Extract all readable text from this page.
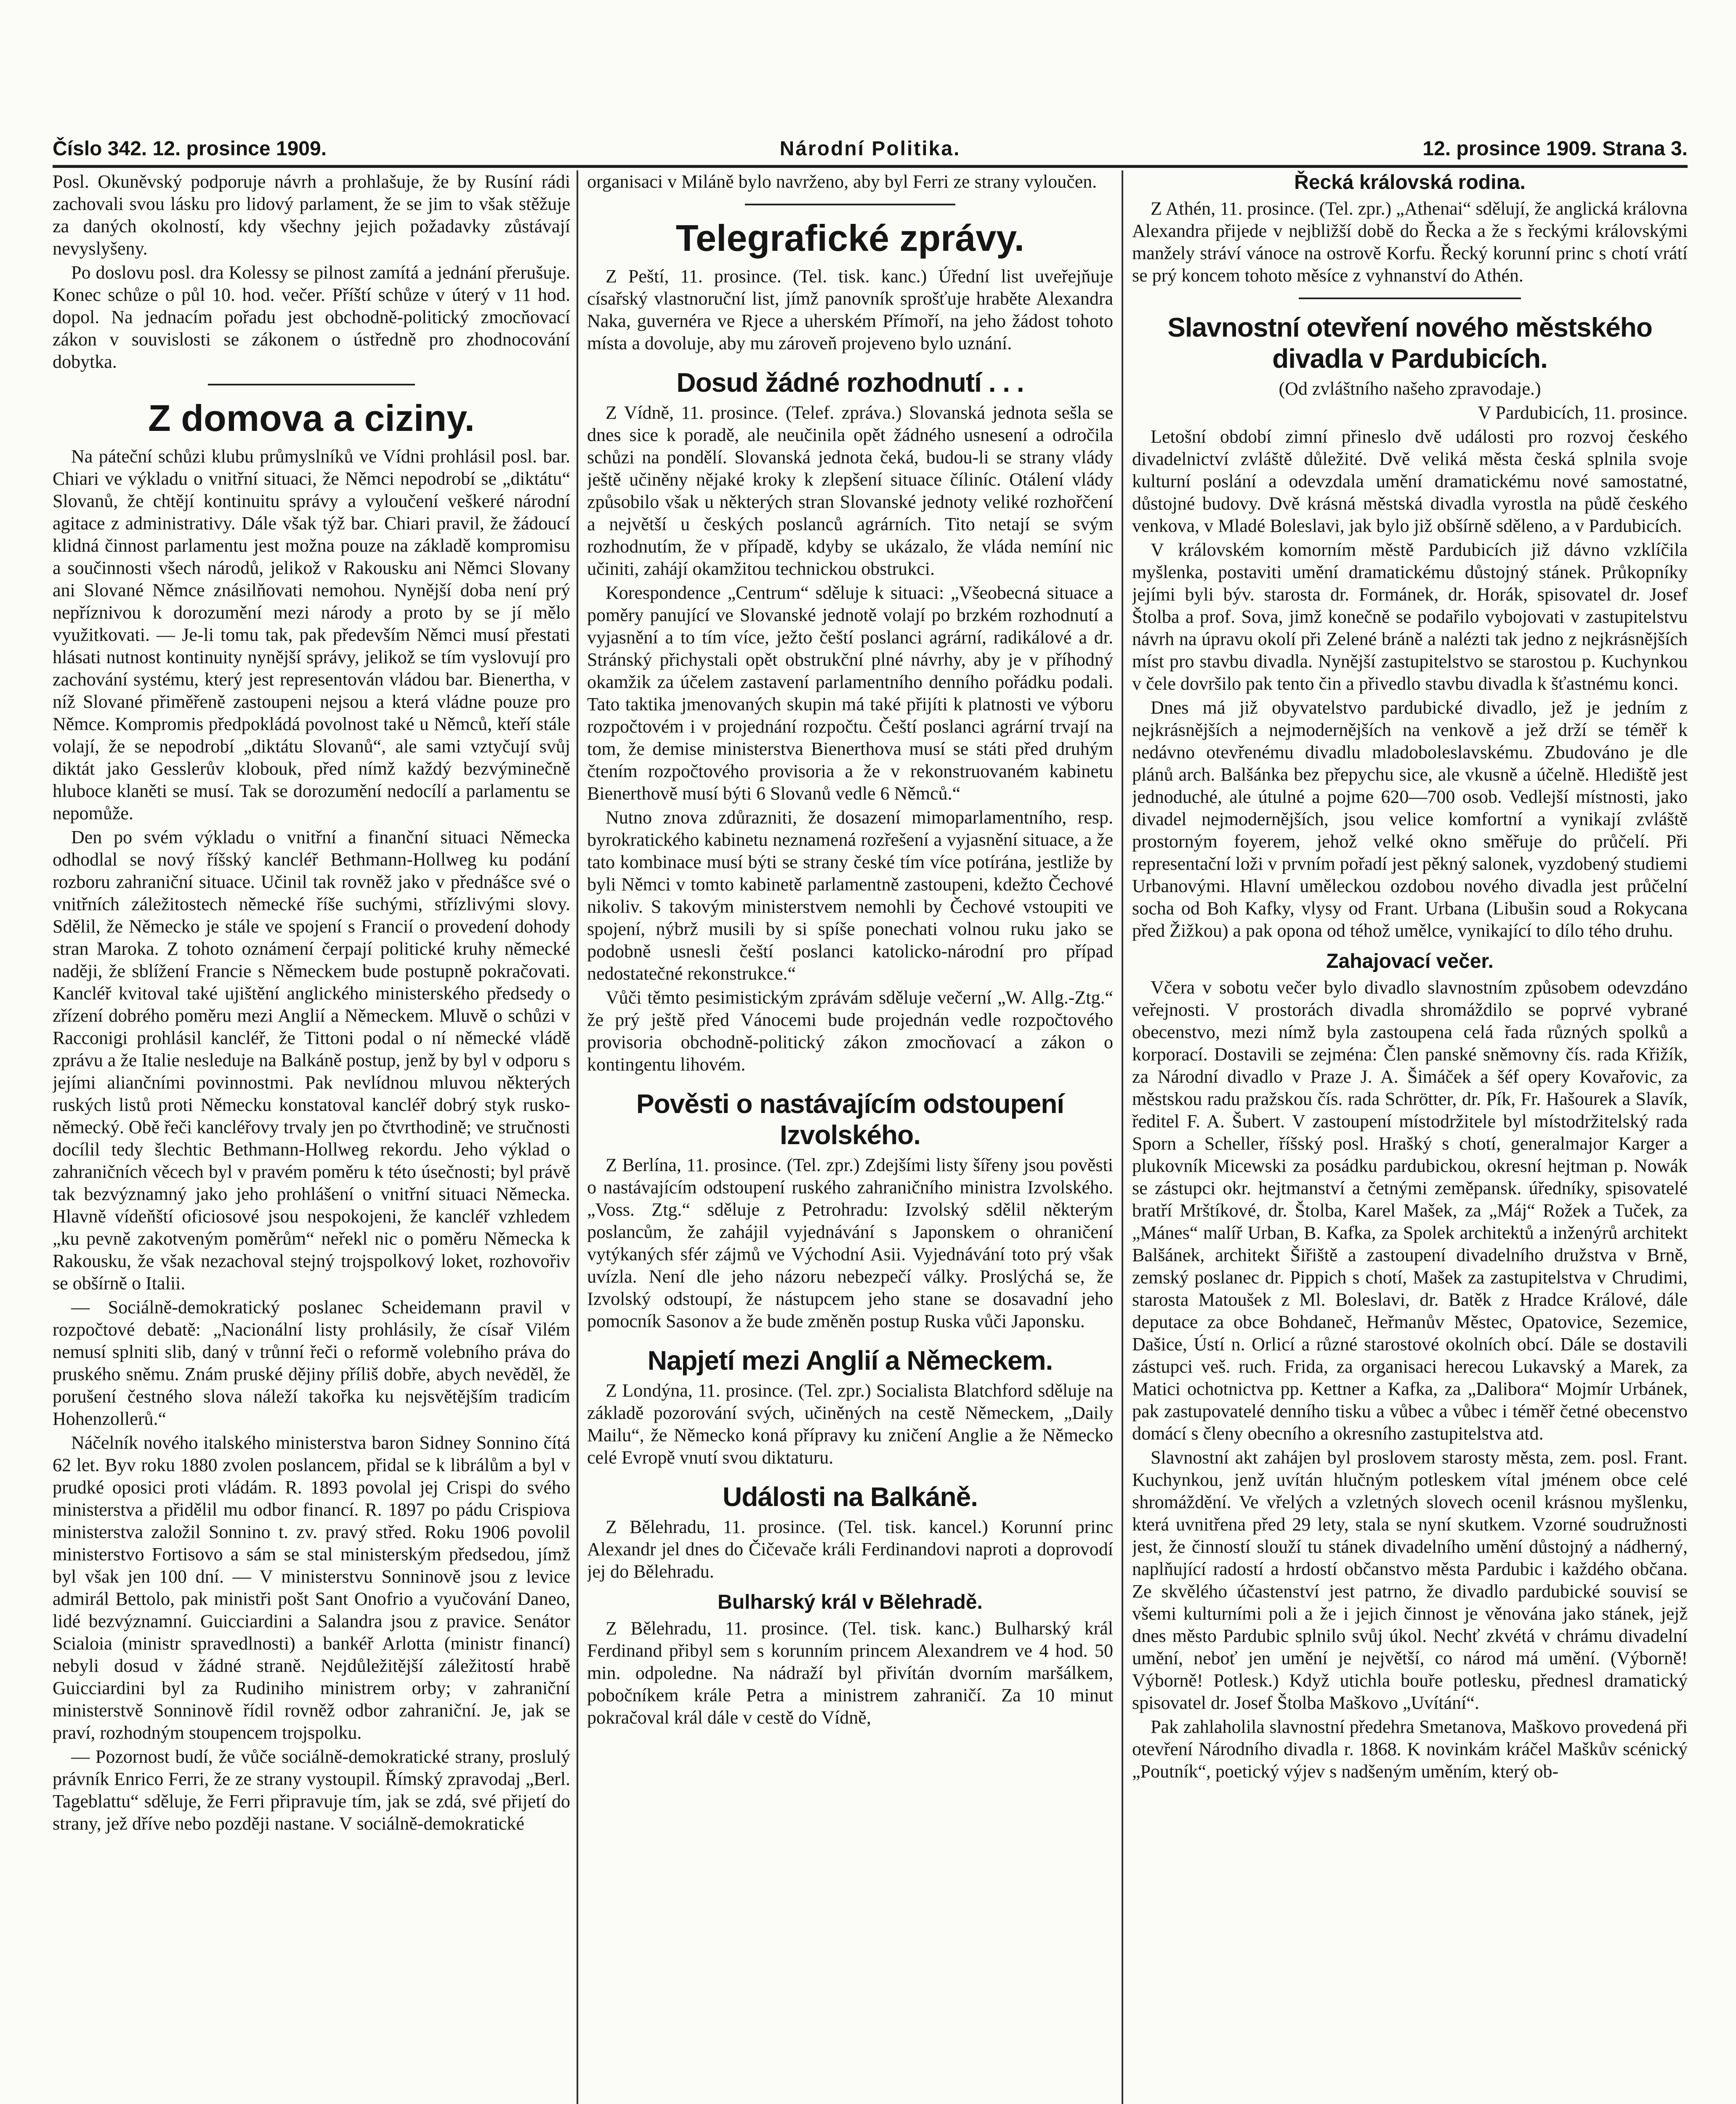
Číslo 342. 12. prosince 1909.	Národní Politika.	12. prosince 1909. Strana 3.

Posl. Okuněvský podporuje návrh a prohlašuje, že by Rusíní rádi zachovali svou lásku pro lidový parlament, že se jim to však stěžuje za daných okolností, kdy všechny jejich požadavky zůstávají nevyslyšeny.

Po doslovu posl. dra Kolessy se pilnost zamítá a jednání přerušuje. Konec schůze o půl 10. hod. večer. Příští schůze v úterý v 11 hod. dopol. Na jednacím pořadu jest obchodně-politický zmocňovací zákon v souvislosti se zákonem o ústředně pro zhodnocování dobytka.

Z domova a ciziny.

Na páteční schůzi klubu průmyslníků ve Vídni prohlásil posl. bar. Chiari ve výkladu o vnitřní situaci, že Němci nepodrobí se „diktátu“ Slovanů, že chtějí kontinuitu správy a vyloučení veškeré národní agitace z administrativy. Dále však týž bar. Chiari pravil, že žádoucí klidná činnost parlamentu jest možna pouze na základě kompromisu a součinnosti všech národů, jelikož v Rakousku ani Němci Slovany ani Slované Němce znásilňovati nemohou. Nynější doba není prý nepříznivou k dorozumění mezi národy a proto by se jí mělo využitkovati. — Je-li tomu tak, pak především Němci musí přestati hlásati nutnost kontinuity nynější správy, jelikož se tím vyslovují pro zachování systému, který jest representován vládou bar. Bienertha, v níž Slované přiměřeně zastoupeni nejsou a která vládne pouze pro Němce. Kompromis předpokládá povolnost také u Němců, kteří stále volají, že se nepodrobí „diktátu Slovanů“, ale sami vztyčují svůj diktát jako Gesslerův klobouk, před nímž každý bezvýminečně hluboce klaněti se musí. Tak se dorozumění nedocílí a parlamentu se nepomůže.

Den po svém výkladu o vnitřní a finanční situaci Německa odhodlal se nový říšský kancléř Bethmann-Hollweg ku podání rozboru zahraniční situace. Učinil tak rovněž jako v přednášce své o vnitřních záležitostech německé říše suchými, střízlivými slovy. Sdělil, že Německo je stále ve spojení s Francií o provedení dohody stran Maroka. Z tohoto oznámení čerpají politické kruhy německé naději, že sblížení Francie s Německem bude postupně pokračovati. Kancléř kvitoval také ujištění anglického ministerského předsedy o zřízení dobrého poměru mezi Anglií a Německem. Mluvě o schůzi v Racconigi prohlásil kancléř, že Tittoni podal o ní německé vládě zprávu a že Italie nesleduje na Balkáně postup, jenž by byl v odporu s jejími aliančními povinnostmi. Pak nevlídnou mluvou některých ruských listů proti Německu konstatoval kancléř dobrý styk rusko-německý. Obě řeči kancléřovy trvaly jen po čtvrthodině; ve stručnosti docílil tedy šlechtic Bethmann-Hollweg rekordu. Jeho výklad o zahraničních věcech byl v pravém poměru k této úsečnosti; byl právě tak bezvýznamný jako jeho prohlášení o vnitřní situaci Německa. Hlavně vídeňští oficiosové jsou nespokojeni, že kancléř vzhledem „ku pevně zakotveným poměrům“ neřekl nic o poměru Německa k Rakousku, že však nezachoval stejný trojspolkový loket, rozhovořiv se obšírně o Italii.

— Sociálně-demokratický poslanec Scheidemann pravil v rozpočtové debatě: „Nacionální listy prohlásily, že císař Vilém nemusí splniti slib, daný v trůnní řeči o reformě volebního práva do pruského sněmu. Znám pruské dějiny příliš dobře, abych nevěděl, že porušení čestného slova náleží takořka ku nejsvětějším tradicím Hohenzollerů.“

Náčelník nového italského ministerstva baron Sidney Sonnino čítá 62 let. Byv roku 1880 zvolen poslancem, přidal se k librálům a byl v prudké oposici proti vládám. R. 1893 povolal jej Crispi do svého ministerstva a přidělil mu odbor financí. R. 1897 po pádu Crispiova ministerstva založil Sonnino t. zv. pravý střed. Roku 1906 povolil ministerstvo Fortisovo a sám se stal ministerským předsedou, jímž byl však jen 100 dní. — V ministerstvu Sonninově jsou z levice admirál Bettolo, pak ministři pošt Sant Onofrio a vyučování Daneo, lidé bezvýznamní. Guicciardini a Salandra jsou z pravice. Senátor Scialoia (ministr spravedlnosti) a bankéř Arlotta (ministr financí) nebyli dosud v žádné straně. Nejdůležitější záležitostí hrabě Guicciardini byl za Rudiniho ministrem orby; v zahraniční ministerstvě Sonninově řídil rovněž odbor zahraniční. Je, jak se praví, rozhodným stoupencem trojspolku.

— Pozornost budí, že vůče sociálně-demokratické strany, proslulý právník Enrico Ferri, že ze strany vystoupil. Římský zpravodaj „Berl. Tageblattu“ sděluje, že Ferri připravuje tím, jak se zdá, své přijetí do strany, jež dříve nebo později nastane. V sociálně-demokratické

organisaci v Miláně bylo navrženo, aby byl Ferri ze strany vyloučen.

Telegrafické zprávy.

Z Peští, 11. prosince. (Tel. tisk. kanc.) Úřední list uveřejňuje císařský vlastnoruční list, jímž panovník sprošťuje hraběte Alexandra Naka, guvernéra ve Rjece a uherském Přímoří, na jeho žádost tohoto místa a dovoluje, aby mu zároveň projeveno bylo uznání.

Dosud žádné rozhodnutí . . .

Z Vídně, 11. prosince. (Telef. zpráva.) Slovanská jednota sešla se dnes sice k poradě, ale neučinila opět žádného usnesení a odročila schůzi na pondělí. Slovanská jednota čeká, budou-li se strany vlády ještě učiněny nějaké kroky k zlepšení situace číliníc. Otálení vlády způsobilo však u některých stran Slovanské jednoty veliké rozhořčení a největší u českých poslanců agrárních. Tito netají se svým rozhodnutím, že v případě, kdyby se ukázalo, že vláda nemíní nic učiniti, zahájí okamžitou technickou obstrukci.

Korespondence „Centrum“ sděluje k situaci: „Všeobecná situace a poměry panující ve Slovanské jednotě volají po brzkém rozhodnutí a vyjasnění a to tím více, ježto čeští poslanci agrární, radikálové a dr. Stránský přichystali opět obstrukční plné návrhy, aby je v příhodný okamžik za účelem zastavení parlamentního denního pořádku podali. Tato taktika jmenovaných skupin má také přijíti k platnosti ve výboru rozpočtovém i v projednání rozpočtu. Čeští poslanci agrární trvají na tom, že demise ministerstva Bienerthova musí se státi před druhým čtením rozpočtového provisoria a že v rekonstruovaném kabinetu Bienerthově musí býti 6 Slovanů vedle 6 Němců.“

Nutno znova zdůrazniti, že dosazení mimoparlamentního, resp. byrokratického kabinetu neznamená rozřešení a vyjasnění situace, a že tato kombinace musí býti se strany české tím více potírána, jestliže by byli Němci v tomto kabinetě parlamentně zastoupeni, kdežto Čechové nikoliv. S takovým ministerstvem nemohli by Čechové vstoupiti ve spojení, nýbrž musili by si spíše ponechati volnou ruku jako se podobně usnesli čeští poslanci katolicko-národní pro případ nedostatečné rekonstrukce.“

Vůči těmto pesimistickým zprávám sděluje večerní „W. Allg.-Ztg.“ že prý ještě před Vánocemi bude projednán vedle rozpočtového provisoria obchodně-politický zákon zmocňovací a zákon o kontingentu lihovém.

Pověsti o nastávajícím odstoupení Izvolského.

Z Berlína, 11. prosince. (Tel. zpr.) Zdejšími listy šířeny jsou pověsti o nastávajícím odstoupení ruského zahraničního ministra Izvolského. „Voss. Ztg.“ sděluje z Petrohradu: Izvolský sdělil některým poslancům, že zahájil vyjednávání s Japonskem o ohraničení vytýkaných sfér zájmů ve Východní Asii. Vyjednávání toto prý však uvízla. Není dle jeho názoru nebezpečí války. Proslýchá se, že Izvolský odstoupí, že nástupcem jeho stane se dosavadní jeho pomocník Sasonov a že bude změněn postup Ruska vůči Japonsku.

Napjetí mezi Anglií a Německem.

Z Londýna, 11. prosince. (Tel. zpr.) Socialista Blatchford sděluje na základě pozorování svých, učiněných na cestě Německem, „Daily Mailu“, že Německo koná přípravy ku zničení Anglie a že Německo celé Evropě vnutí svou diktaturu.

Události na Balkáně.

Z Bělehradu, 11. prosince. (Tel. tisk. kancel.) Korunní princ Alexandr jel dnes do Čičevače králi Ferdinandovi naproti a doprovodí jej do Bělehradu.

Bulharský král v Bělehradě.

Z Bělehradu, 11. prosince. (Tel. tisk. kanc.) Bulharský král Ferdinand přibyl sem s korunním princem Alexandrem ve 4 hod. 50 min. odpoledne. Na nádraží byl přivítán dvorním maršálkem, pobočníkem krále Petra a ministrem zahraničí. Za 10 minut pokračoval král dále v cestě do Vídně,

Řecká královská rodina.

Z Athén, 11. prosince. (Tel. zpr.) „Athenai“ sdělují, že anglická královna Alexandra přijede v nejbližší době do Řecka a že s řeckými královskými manžely stráví vánoce na ostrově Korfu. Řecký korunní princ s chotí vrátí se prý koncem tohoto měsíce z vyhnanství do Athén.

Slavnostní otevření nového městského divadla v Pardubicích.
(Od zvláštního našeho zpravodaje.)
V Pardubicích, 11. prosince.

Letošní období zimní přineslo dvě události pro rozvoj českého divadelnictví zvláště důležité. Dvě veliká města česká splnila svoje kulturní poslání a odevzdala umění dramatickému nové samostatné, důstojné budovy. Dvě krásná městská divadla vyrostla na půdě českého venkova, v Mladé Boleslavi, jak bylo již obšírně sděleno, a v Pardubicích.

V královském komorním městě Pardubicích již dávno vzklíčila myšlenka, postaviti umění dramatickému důstojný stánek. Průkopníky jejími byli býv. starosta dr. Formánek, dr. Horák, spisovatel dr. Josef Štolba a prof. Sova, jimž konečně se podařilo vybojovati v zastupitelstvu návrh na úpravu okolí při Zelené bráně a nalézti tak jedno z nejkrásnějších míst pro stavbu divadla. Nynější zastupitelstvo se starostou p. Kuchynkou v čele dovršilo pak tento čin a přivedlo stavbu divadla k šťastnému konci.

Dnes má již obyvatelstvo pardubické divadlo, jež je jedním z nejkrásnějších a nejmodernějších na venkově a jež drží se téměř k nedávno otevřenému divadlu mladoboleslavskému. Zbudováno je dle plánů arch. Balšánka bez přepychu sice, ale vkusně a účelně. Hlediště jest jednoduché, ale útulné a pojme 620—700 osob. Vedlejší místnosti, jako divadel nejmodernějších, jsou velice komfortní a vynikají zvláště prostorným foyerem, jehož velké okno směřuje do průčelí. Při representační loži v prvním pořadí jest pěkný salonek, vyzdobený studiemi Urbanovými. Hlavní uměleckou ozdobou nového divadla jest průčelní socha od Boh Kafky, vlysy od Frant. Urbana (Libušin soud a Rokycana před Žižkou) a pak opona od téhož umělce, vynikající to dílo tého druhu.

Zahajovací večer.

Včera v sobotu večer bylo divadlo slavnostním způsobem odevzdáno veřejnosti. V prostorách divadla shromáždilo se poprvé vybrané obecenstvo, mezi nímž byla zastoupena celá řada různých spolků a korporací. Dostavili se zejména: Člen panské sněmovny čís. rada Křižík, za Národní divadlo v Praze J. A. Šimáček a šéf opery Kovařovic, za městskou radu pražskou čís. rada Schrötter, dr. Pík, Fr. Hašourek a Slavík, ředitel F. A. Šubert. V zastoupení místodržitele byl místodržitelský rada Sporn a Scheller, říšský posl. Hrašký s chotí, generalmajor Karger a plukovník Micewski za posádku pardubickou, okresní hejtman p. Nowák se zástupci okr. hejtmanství a četnými zeměpansk. úředníky, spisovatelé bratří Mrštíkové, dr. Štolba, Karel Mašek, za „Máj“ Rožek a Tuček, za „Mánes“ malíř Urban, B. Kafka, za Spolek architektů a inženýrů architekt Balšánek, architekt Šiřiště a zastoupení divadelního družstva v Brně, zemský poslanec dr. Pippich s chotí, Mašek za zastupitelstva v Chrudimi, starosta Matoušek z Ml. Boleslavi, dr. Batěk z Hradce Králové, dále deputace za obce Bohdaneč, Heřmanův Městec, Opatovice, Sezemice, Dašice, Ústí n. Orlicí a různé starostové okolních obcí. Dále se dostavili zástupci veš. ruch. Frida, za organisaci herecou Lukavský a Marek, za Matici ochotnictva pp. Kettner a Kafka, za „Dalibora“ Mojmír Urbánek, pak zastupovatelé denního tisku a vůbec a vůbec i téměř četné obecenstvo domácí s členy obecního a okresního zastupitelstva atd.

Slavnostní akt zahájen byl proslovem starosty města, zem. posl. Frant. Kuchynkou, jenž uvítán hlučným potleskem vítal jménem obce celé shromáždění. Ve vřelých a vzletných slovech ocenil krásnou myšlenku, která uvnitřena před 29 lety, stala se nyní skutkem. Vzorné soudružnosti jest, že činností slouží tu stánek divadelního umění důstojný a nádherný, naplňující radostí a hrdostí občanstvo města Pardubic i každého občana. Ze skvělého účastenství jest patrno, že divadlo pardubické souvisí se všemi kulturními poli a že i jejich činnost je věnována jako stánek, jejž dnes město Pardubic splnilo svůj úkol. Nechť zkvétá v chrámu divadelní umění, neboť jen umění je největší, co národ má umění. (Výborně! Výborně! Potlesk.) Když utichla bouře potlesku, přednesl dramatický spisovatel dr. Josef Štolba Maškovo „Uvítání“.

Pak zahlaholila slavnostní předehra Smetanova, Maškovo provedená při otevření Národního divadla r. 1868. K novinkám kráčel Maškův scénický „Poutník“, poetický výjev s nadšeným uměním, který ob-
